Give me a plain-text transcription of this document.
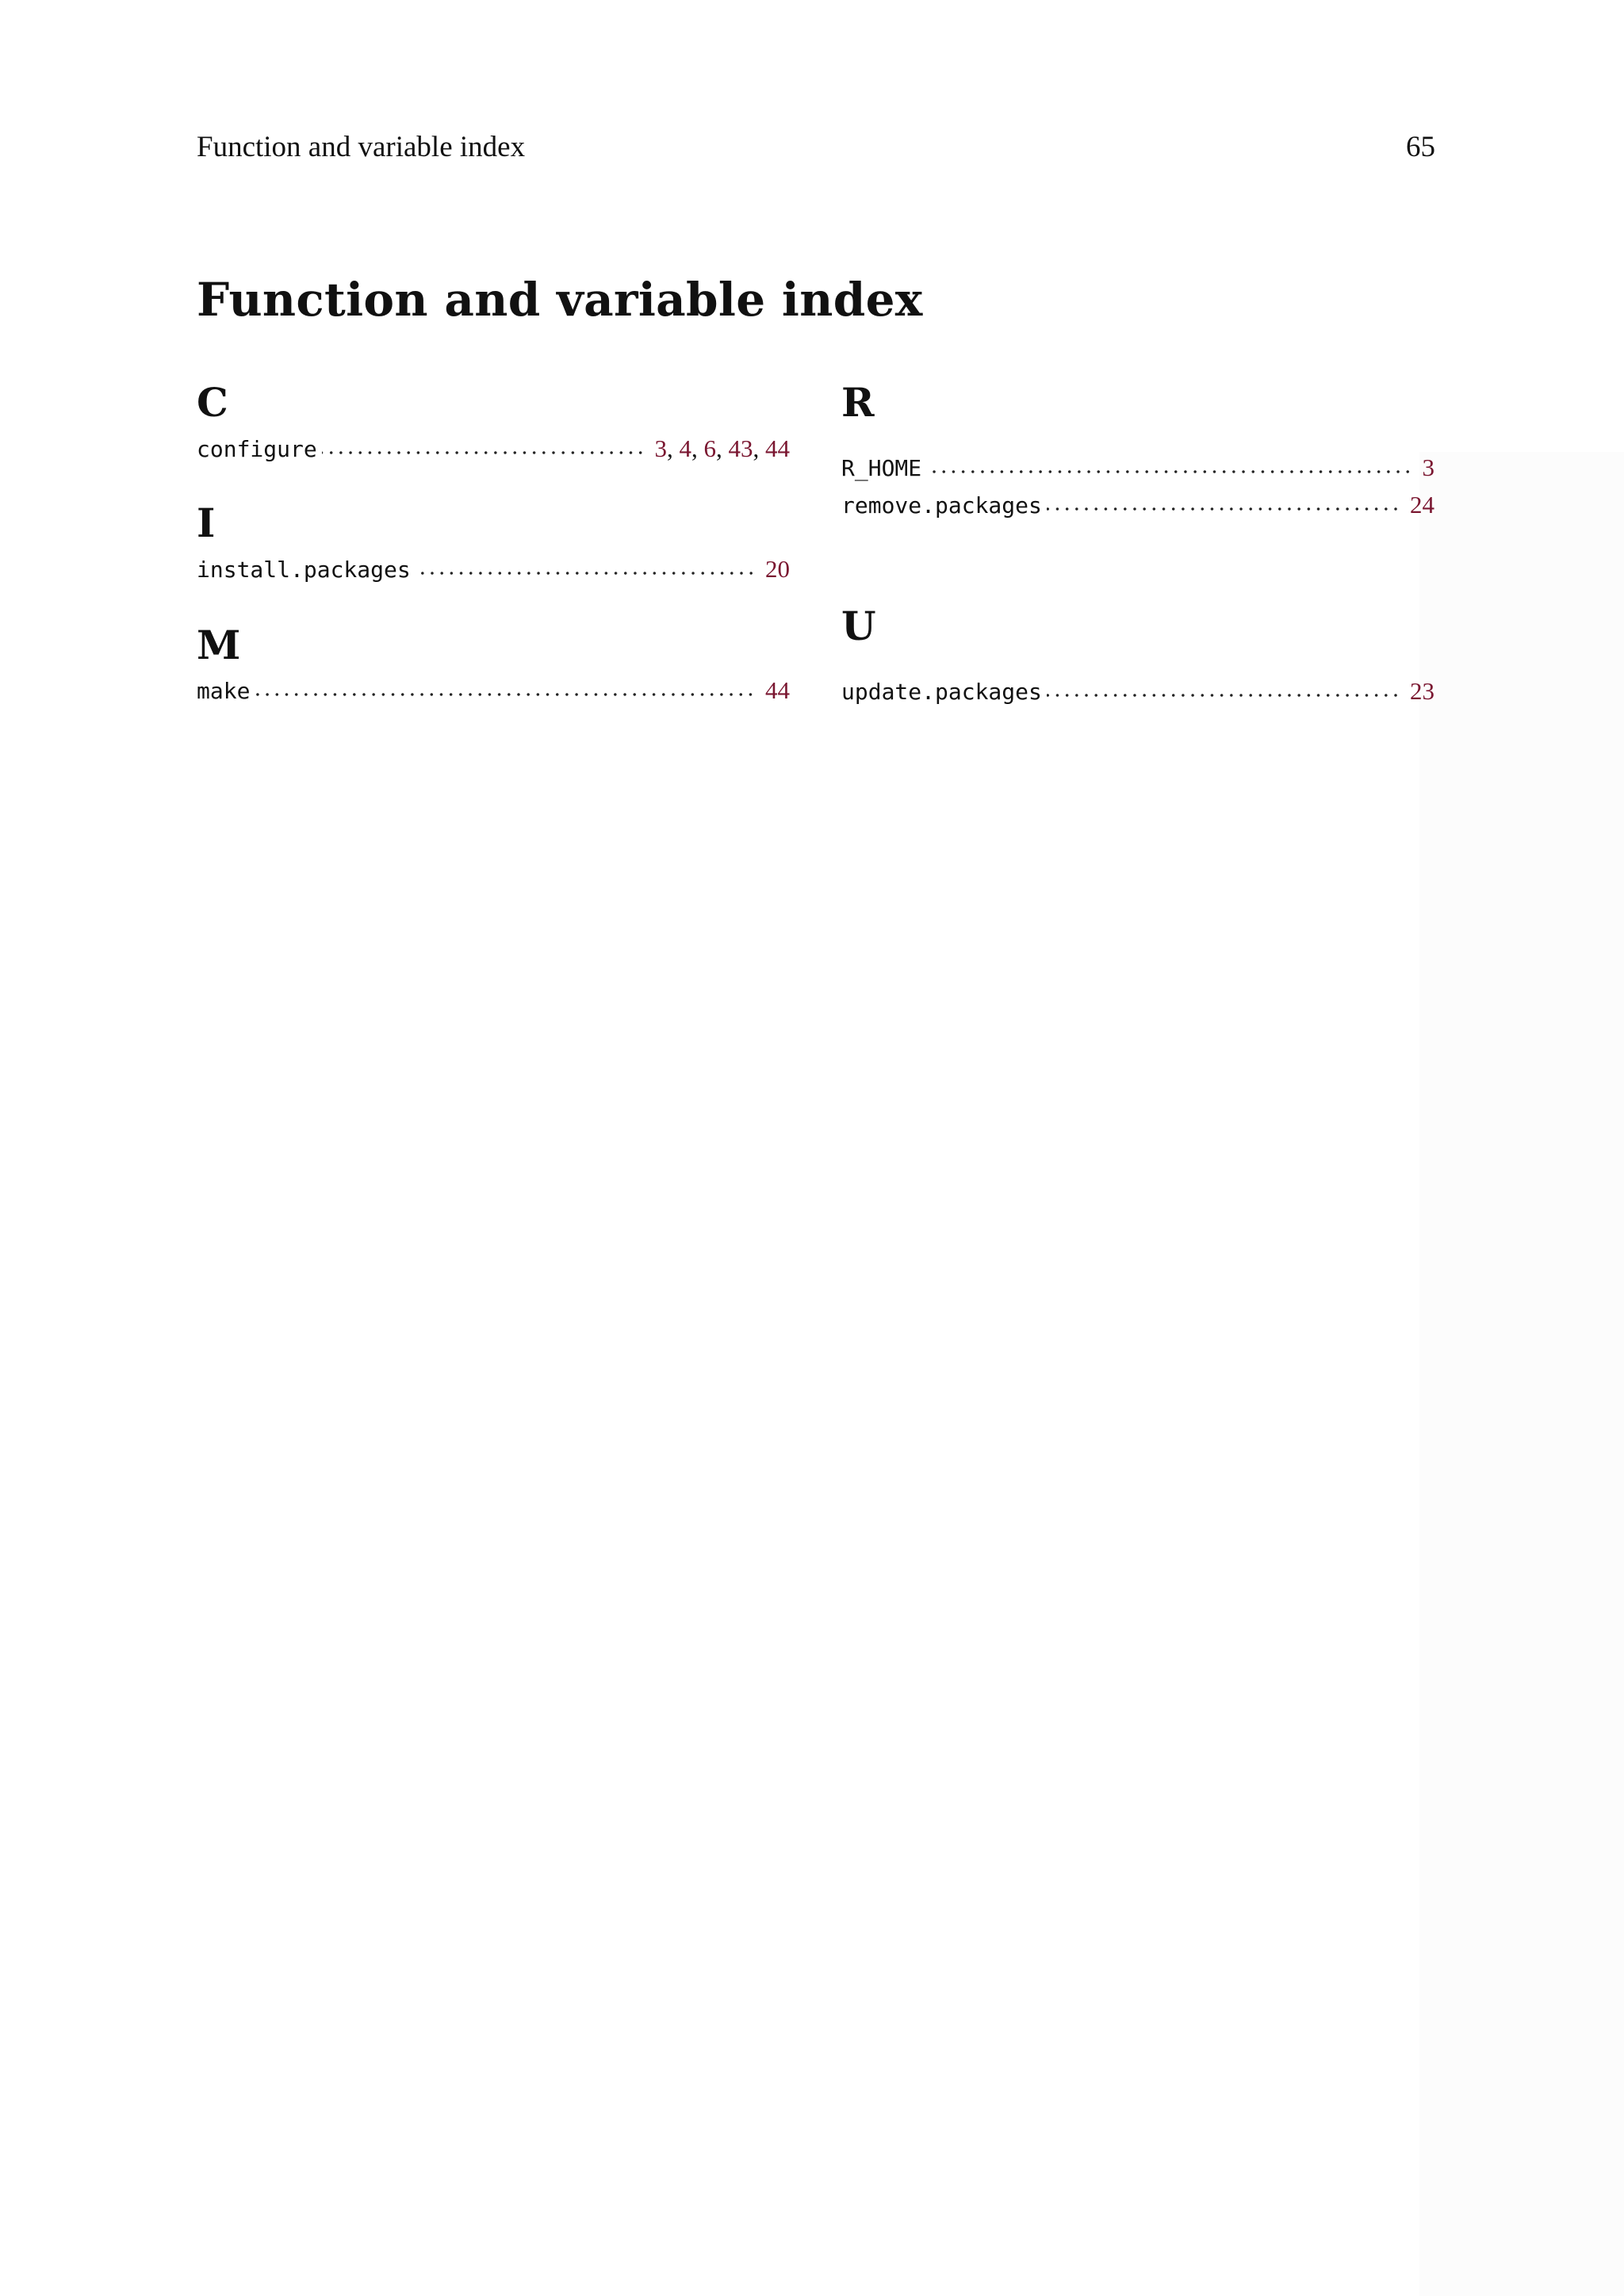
Function and variable index	65
Function and variable index
C
configure	3, 4, 6, 43, 44
I
install.packages	20
M
make	44
R
R_HOME	3
remove.packages	24
U
update.packages	23
